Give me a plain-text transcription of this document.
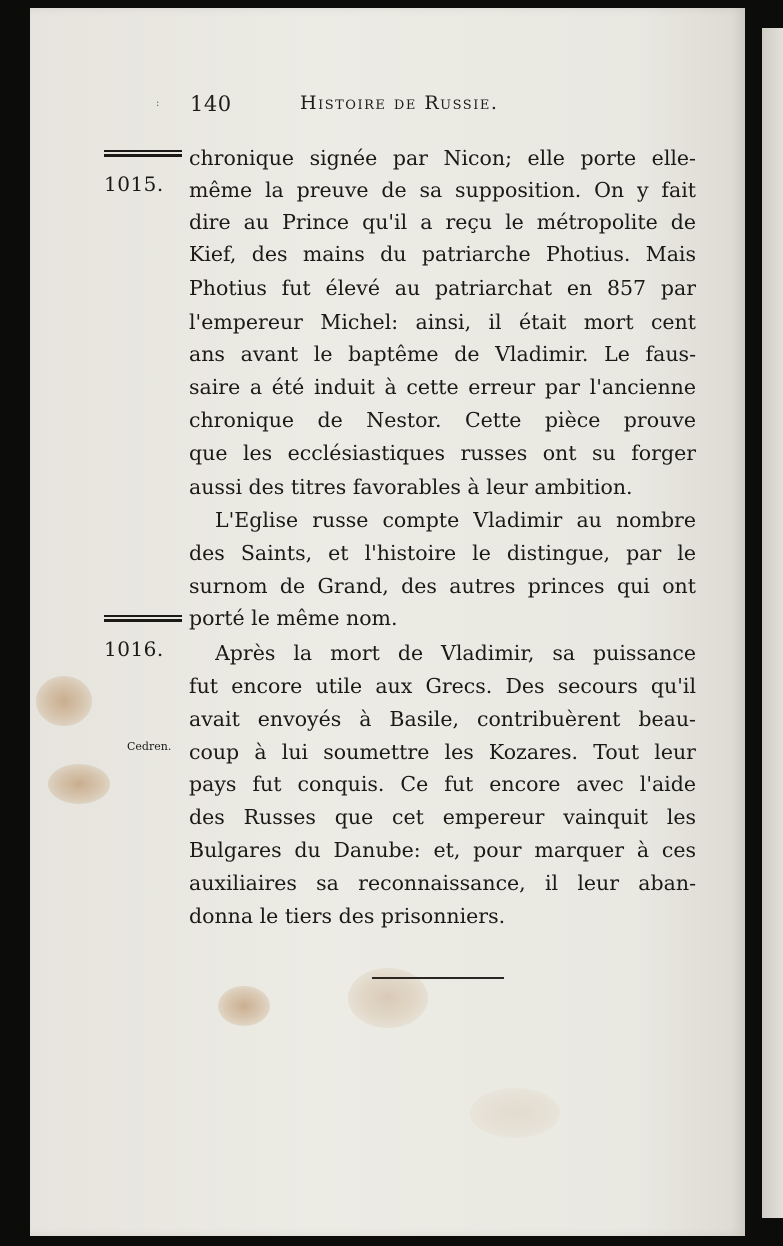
140	Histoire de Russie.
:
1015.
1016.
Cedren.
chronique signée par Nicon; elle porte elle-
même la preuve de sa supposition. On y fait
dire au Prince qu'il a reçu le métropolite de
Kief, des mains du patriarche Photius. Mais
Photius fut élevé au patriarchat en 857 par
l'empereur Michel: ainsi, il était mort cent
ans avant le baptême de Vladimir. Le faus-
saire a été induit à cette erreur par l'ancienne
chronique de Nestor. Cette pièce prouve
que les ecclésiastiques russes ont su forger
aussi des titres favorables à leur ambition.
L'Eglise russe compte Vladimir au nombre
des Saints, et l'histoire le distingue, par le
surnom de Grand, des autres princes qui ont
porté le même nom.
Après la mort de Vladimir, sa puissance
fut encore utile aux Grecs. Des secours qu'il
avait envoyés à Basile, contribuèrent beau-
coup à lui soumettre les Kozares. Tout leur
pays fut conquis. Ce fut encore avec l'aide
des Russes que cet empereur vainquit les
Bulgares du Danube: et, pour marquer à ces
auxiliaires sa reconnaissance, il leur aban-
donna le tiers des prisonniers.
